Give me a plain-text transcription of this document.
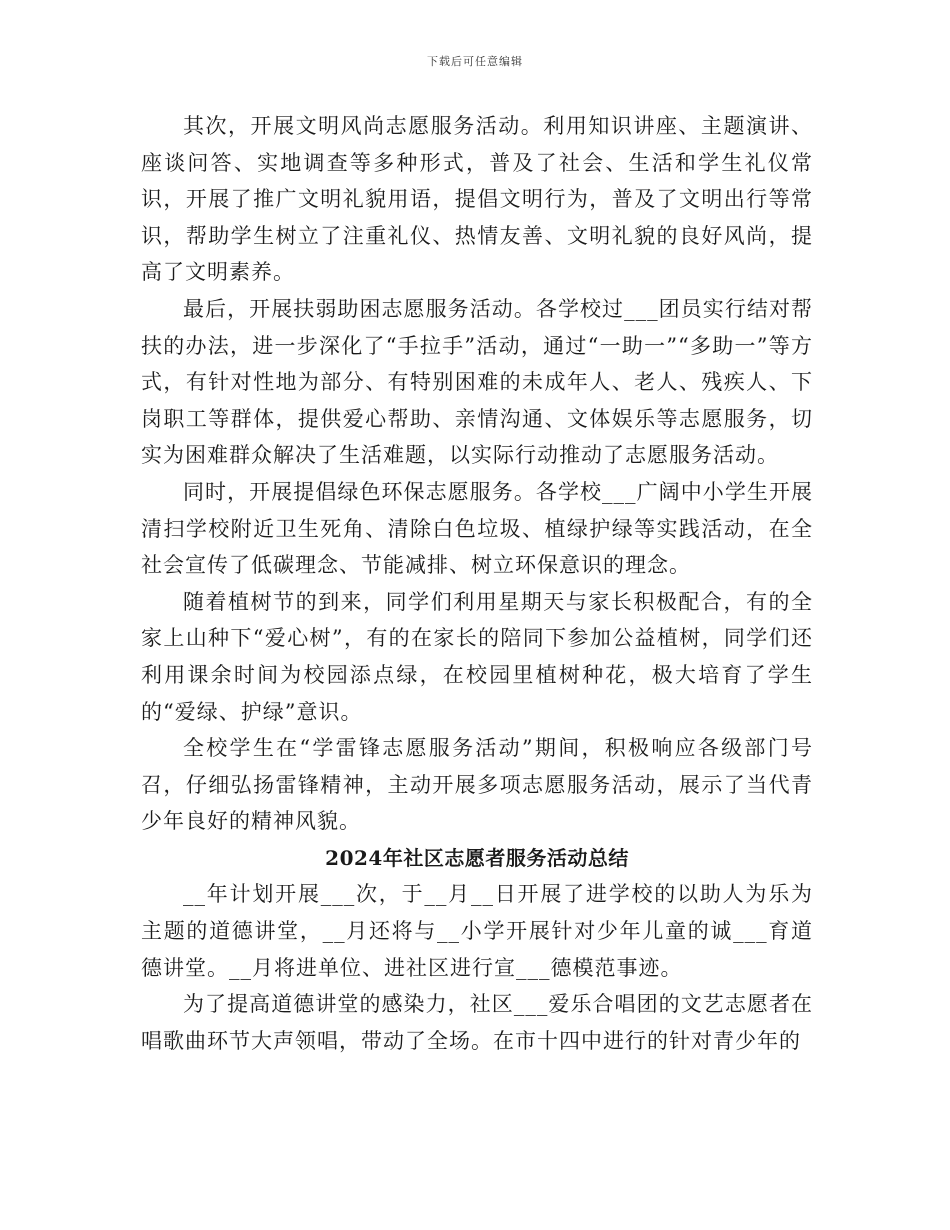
下载后可任意编辑

其次，开展文明风尚志愿服务活动。利用知识讲座、主题演讲、座谈问答、实地调查等多种形式，普及了社会、生活和学生礼仪常识，开展了推广文明礼貌用语，提倡文明行为，普及了文明出行等常识，帮助学生树立了注重礼仪、热情友善、文明礼貌的良好风尚，提高了文明素养。

最后，开展扶弱助困志愿服务活动。各学校过___团员实行结对帮扶的办法，进一步深化了“手拉手”活动，通过“一助一”“多助一”等方式，有针对性地为部分、有特别困难的未成年人、老人、残疾人、下岗职工等群体，提供爱心帮助、亲情沟通、文体娱乐等志愿服务，切实为困难群众解决了生活难题，以实际行动推动了志愿服务活动。

同时，开展提倡绿色环保志愿服务。各学校___广阔中小学生开展清扫学校附近卫生死角、清除白色垃圾、植绿护绿等实践活动，在全社会宣传了低碳理念、节能减排、树立环保意识的理念。

随着植树节的到来，同学们利用星期天与家长积极配合，有的全家上山种下“爱心树”，有的在家长的陪同下参加公益植树，同学们还利用课余时间为校园添点绿，在校园里植树种花，极大培育了学生的“爱绿、护绿”意识。

全校学生在“学雷锋志愿服务活动”期间，积极响应各级部门号召，仔细弘扬雷锋精神，主动开展多项志愿服务活动，展示了当代青少年良好的精神风貌。

2024年社区志愿者服务活动总结

__年计划开展___次，于__月__日开展了进学校的以助人为乐为主题的道德讲堂，__月还将与__小学开展针对少年儿童的诚___育道德讲堂。__月将进单位、进社区进行宣___德模范事迹。

为了提高道德讲堂的感染力，社区___爱乐合唱团的文艺志愿者在唱歌曲环节大声领唱，带动了全场。在市十四中进行的针对青少年的
